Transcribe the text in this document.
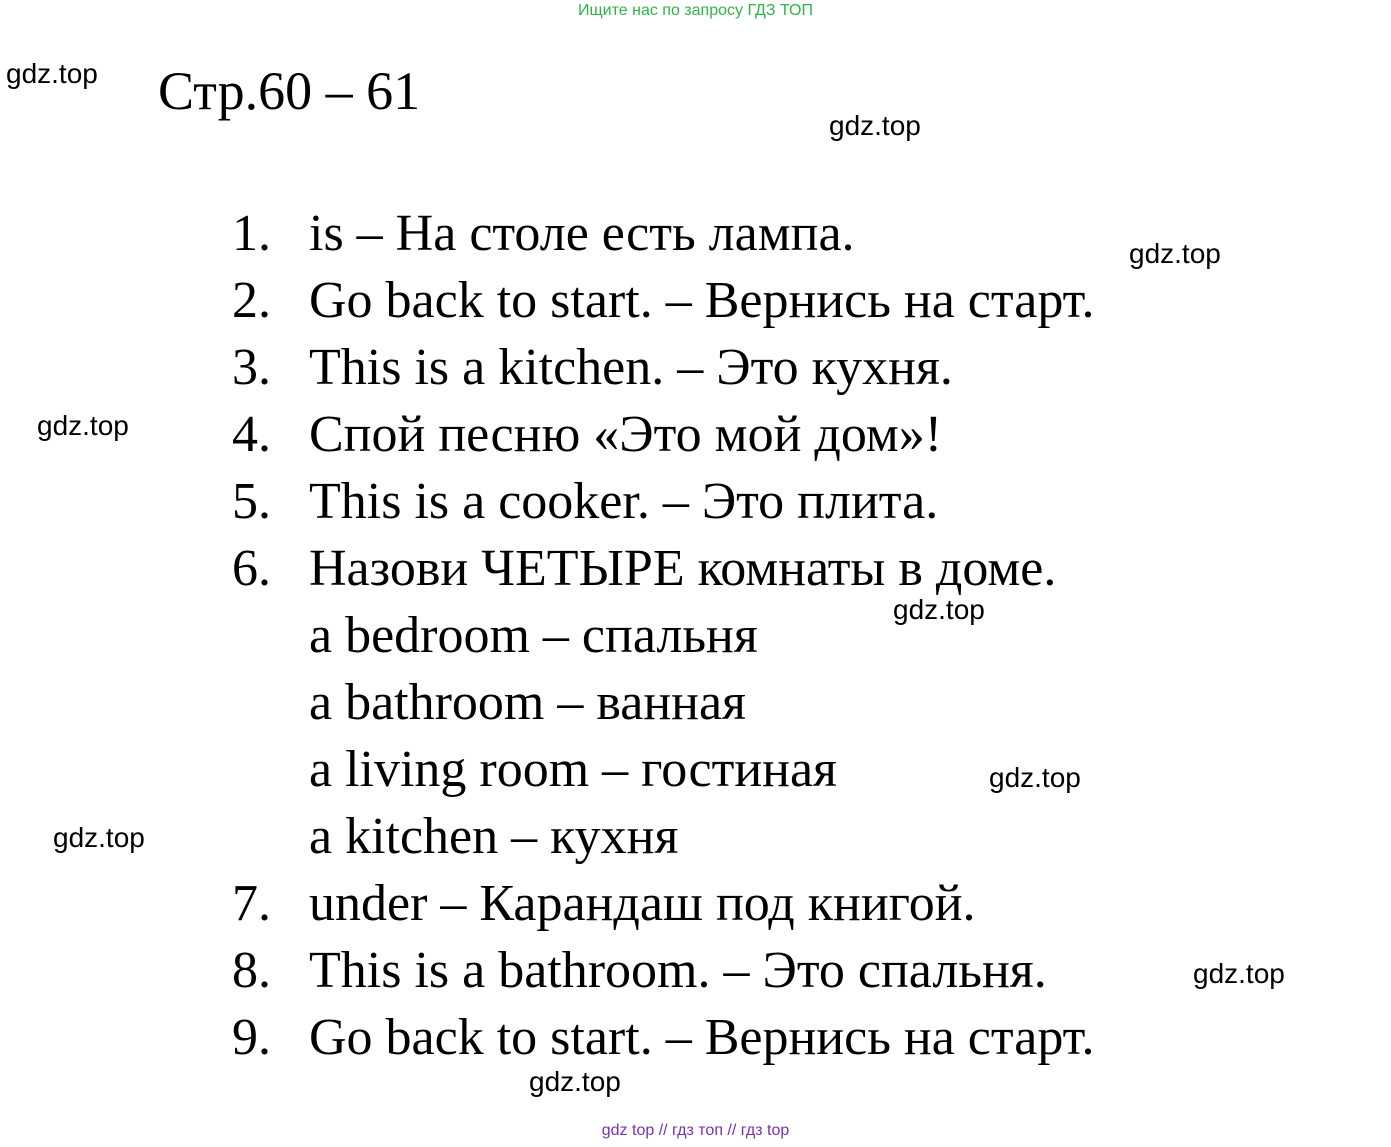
Ищите нас по запросу ГДЗ ТОП
Стр.60 – 61
1. is – На столе есть лампа.
2. Go back to start. – Вернись на старт.
3. This is a kitchen. – Это кухня.
4. Спой песню «Это мой дом»!
5. This is a cooker. – Это плита.
6. Назови ЧЕТЫРЕ комнаты в доме.
a bedroom – спальня
a bathroom – ванная
a living room – гостиная
a kitchen – кухня
7. under – Карандаш под книгой.
8. This is a bathroom. – Это спальня.
9. Go back to start. – Вернись на старт.
gdz.top
gdz.top
gdz.top
gdz.top
gdz.top
gdz.top
gdz.top
gdz.top
gdz.top
gdz top // гдз топ // гдз top
